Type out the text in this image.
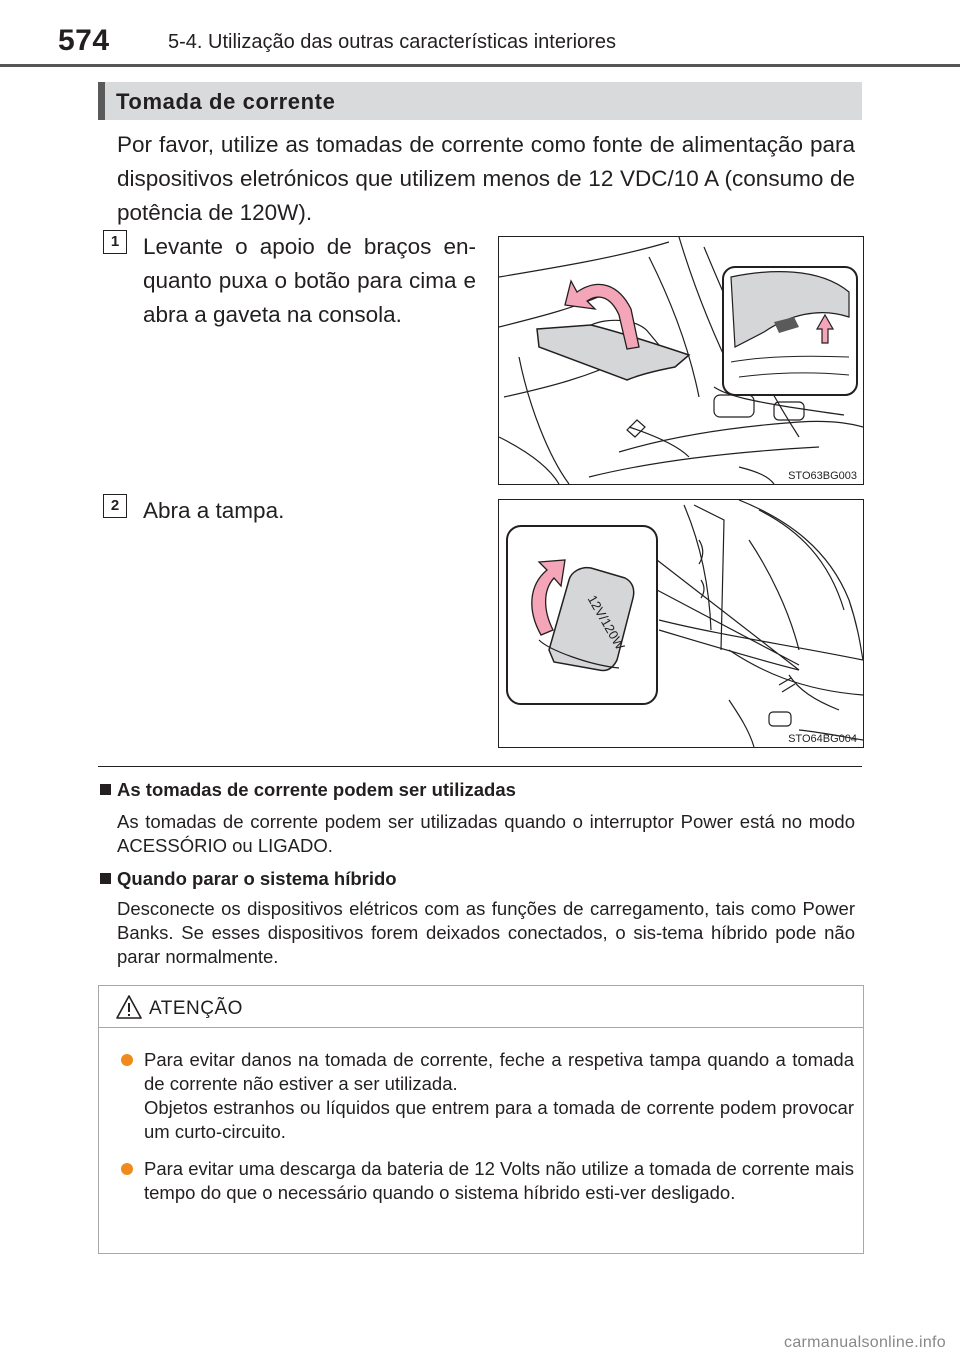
574	5-4. Utilização das outras características interiores
Tomada de corrente
Por favor, utilize as tomadas de corrente como fonte de alimentação para dispositivos eletrónicos que utilizem menos de 12 VDC/10 A (consumo de potência de 120W).
1	Levante o apoio de braços en-quanto puxa o botão para cima e abra a gaveta na consola.
STO63BG003
2	Abra a tampa.
12V/120W
STO64BG004
As tomadas de corrente podem ser utilizadas
As tomadas de corrente podem ser utilizadas quando o interruptor Power está no modo ACESSÓRIO ou LIGADO.
Quando parar o sistema híbrido
Desconecte os dispositivos elétricos com as funções de carregamento, tais como Power Banks. Se esses dispositivos forem deixados conectados, o sis-tema híbrido pode não parar normalmente.
ATENÇÃO
Para evitar danos na tomada de corrente, feche a respetiva tampa quando a tomada de corrente não estiver a ser utilizada.
Objetos estranhos ou líquidos que entrem para a tomada de corrente podem provocar um curto-circuito.
Para evitar uma descarga da bateria de 12 Volts não utilize a tomada de corrente mais tempo do que o necessário quando o sistema híbrido esti-ver desligado.
carmanualsonline.info
